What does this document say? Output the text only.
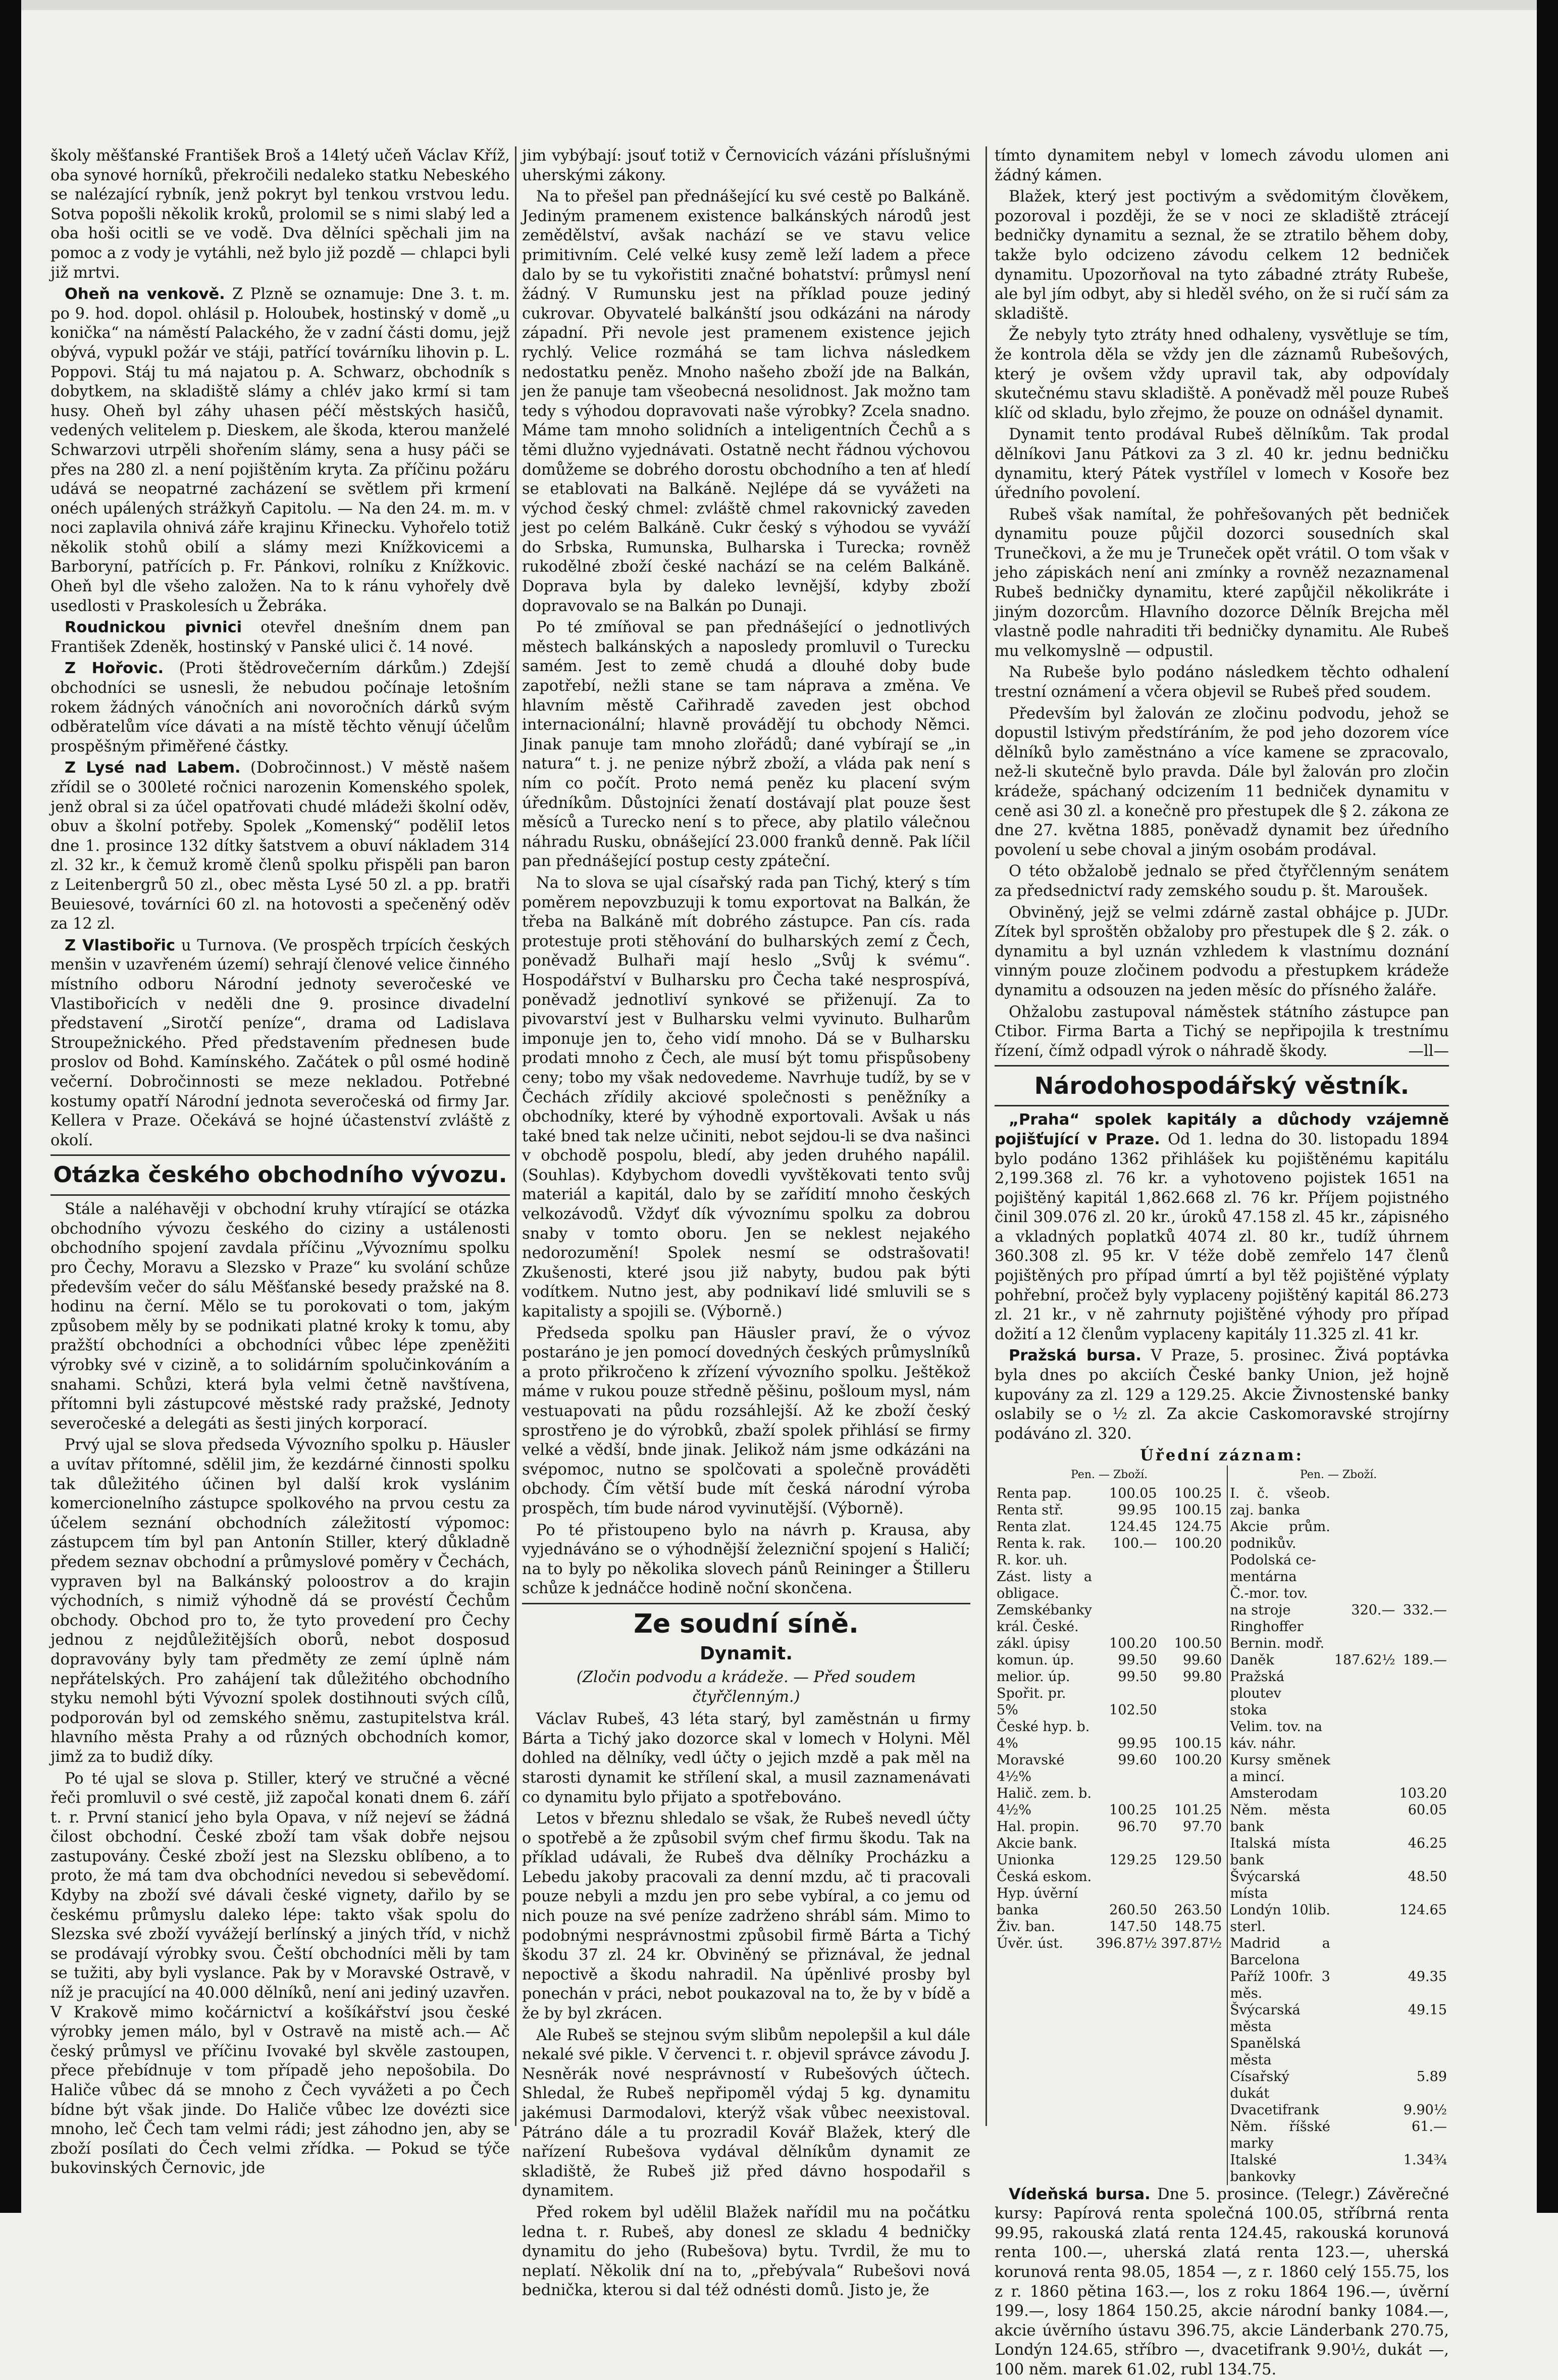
školy měšťanské František Broš a 14letý učeň Václav Kříž, oba synové horníků, překročili nedaleko statku Nebeského se nalézající rybník, jenž pokryt byl tenkou vrstvou ledu. Sotva popošli několik kroků, prolomil se s nimi slabý led a oba hoši ocitli se ve vodě. Dva dělníci spěchali jim na pomoc a z vody je vytáhli, než bylo již pozdě — chlapci byli již mrtvi.

Oheň na venkově. Z Plzně se oznamuje: Dne 3. t. m. po 9. hod. dopol. ohlásil p. Holoubek, hostinský v domě „u konička“ na náměstí Palackého, že v zadní části domu, jejž obývá, vypukl požár ve stáji, patřící továrníku lihovin p. L. Poppovi. Stáj tu má najatou p. A. Schwarz, obchodník s dobytkem, na skladiště slámy a chlév jako krmí si tam husy. Oheň byl záhy uhasen péčí městských hasičů, vedených velitelem p. Dieskem, ale škoda, kterou manželé Schwarzovi utrpěli shořením slámy, sena a husy páči se přes na 280 zl. a není pojištěním kryta. Za příčinu požáru udává se neopatrné zacházení se světlem při krmení onéch upálených strážkyň Capitolu. — Na den 24. m. m. v noci zaplavila ohnivá záře krajinu Křinecku. Vyhořelo totiž několik stohů obilí a slámy mezi Knížkovicemi a Barboryní, patřících p. Fr. Pánkovi, rolníku z Knížkovic. Oheň byl dle všeho založen. Na to k ránu vyhořely dvě usedlosti v Praskolesích u Žebráka.

Roudnickou pivnici otevřel dnešním dnem pan František Zdeněk, hostinský v Panské ulici č. 14 nové.

Z Hořovic. (Proti štědrovečerním dárkům.) Zdejší obchodníci se usnesli, že nebudou počínaje letošním rokem žádných vánočních ani novoročních dárků svým odběratelům více dávati a na místě těchto věnují účelům prospěšným přiměřené částky.

Z Lysé nad Labem. (Dobročinnost.) V městě našem zřídil se o 300leté ročnici narozenin Komenského spolek, jenž obral si za účel opatřovati chudé mládeži školní oděv, obuv a školní potřeby. Spolek „Komenský“ poděliI letos dne 1. prosince 132 dítky šatstvem a obuví nákladem 314 zl. 32 kr., k čemuž kromě členů spolku přispěli pan baron z Leitenbergrů 50 zl., obec města Lysé 50 zl. a pp. bratři Beuiesové, továrníci 60 zl. na hotovosti a spečeněný oděv za 12 zl.

Z Vlastibořic u Turnova. (Ve prospěch trpících českých menšin v uzavřeném území) sehrají členové velice činného místního odboru Národní jednoty severočeské ve Vlastibořicích v neděli dne 9. prosince divadelní představení „Sirotčí peníze“, drama od Ladislava Stroupežnického. Před představením přednesen bude proslov od Bohd. Kamínského. Začátek o půl osmé hodině večerní. Dobročinnosti se meze nekladou. Potřebné kostumy opatří Národní jednota severočeská od firmy Jar. Kellera v Praze. Očekává se hojné účastenství zvláště z okolí.

Otázka českého obchodního vývozu.

Stále a naléhavěji v obchodní kruhy vtírající se otázka obchodního vývozu českého do ciziny a ustálenosti obchodního spojení zavdala příčinu „Vývoznímu spolku pro Čechy, Moravu a Slezsko v Praze“ ku svolání schůze především večer do sálu Měšťanské besedy pražské na 8. hodinu na černí. Mělo se tu porokovati o tom, jakým způsobem měly by se podnikati platné kroky k tomu, aby pražští obchodníci a obchodníci vůbec lépe zpeněžiti výrobky své v cizině, a to solidárním spolučinkováním a snahami. Schůzi, která byla velmi četně navštívena, přítomni byli zástupcové městské rady pražské, Jednoty severočeské a delegáti as šesti jiných korporací.

Prvý ujal se slova předseda Vývozního spolku p. Häusler a uvítav přítomné, sdělil jim, že kezdárné činnosti spolku tak důležitého účinen byl další krok vyslánim komercionelního zástupce spolkového na prvou cestu za účelem seznání obchodních záležitostí výpomoc: zástupcem tím byl pan Antonín Stiller, který důkladně předem seznav obchodní a průmyslové poměry v Čechách, vypraven byl na Balkánský poloostrov a do krajin východních, s nimiž výhodně dá se provéstí Čechům obchody. Obchod pro to, že tyto provedení pro Čechy jednou z nejdůležitějších oborů, nebot dosposud dopravovány byly tam předměty ze zemí úplně nám nepřátelských. Pro zahájení tak důležitého obchodního styku nemohl býti Vývozní spolek dostihnouti svých cílů, podporován byl od zemského sněmu, zastupitelstva král. hlavního města Prahy a od různých obchodních komor, jimž za to budiž díky.

Po té ujal se slova p. Stiller, který ve stručné a věcné řeči promluvil o své cestě, již započal konati dnem 6. září t. r. První stanicí jeho byla Opava, v níž nejeví se žádná čilost obchodní. České zboží tam však dobře nejsou zastupovány. České zboží jest na Slezsku oblíbeno, a to proto, že má tam dva obchodníci nevedou si sebevědomí. Kdyby na zboží své dávali české vignety, dařilo by se českému průmyslu daleko lépe: takto však spolu do Slezska své zboží vyvážejí berlínský a jiných tříd, v nichž se prodávají výrobky svou. Čeští obchodníci měli by tam se tužiti, aby byli vyslance. Pak by v Moravské Ostravě, v níž je pracující na 40.000 dělníků, není ani jediný uzavřen. V Krakově mimo kočárnictví a košíkářství jsou české výrobky jemen málo, byl v Ostravě na mistě ach.— Ač český průmysl ve příčinu Ivovaké byl skvěle zastoupen, přece přebídnuje v tom případě jeho nepošobila. Do Haliče vůbec dá se mnoho z Čech vyvážeti a po Čech bídne být však jinde. Do Haliče vůbec lze dovézti sice mnoho, leč Čech tam velmi rádi; jest záhodno jen, aby se zboží posílati do Čech velmi zřídka. — Pokud se týče bukovinských Černovic, jde

jim vybýbají: jsouť totiž v Černovicích vázáni příslušnými uherskými zákony.

Na to přešel pan přednášející ku své cestě po Balkáně. Jediným pramenem existence balkánských národů jest zemědělství, avšak nachází se ve stavu velice primitivním. Celé velké kusy země leží ladem a přece dalo by se tu vykořistiti značné bohatství: průmysl není žádný. V Rumunsku jest na příklad pouze jediný cukrovar. Obyvatelé balkánští jsou odkázáni na národy západní. Při nevole jest pramenem existence jejich rychlý. Velice rozmáhá se tam lichva následkem nedostatku peněz. Mnoho našeho zboží jde na Balkán, jen že panuje tam všeobecná nesolidnost. Jak možno tam tedy s výhodou dopravovati naše výrobky? Zcela snadno. Máme tam mnoho solidních a inteligentních Čechů a s těmi dlužno vyjednávati. Ostatně necht řádnou výchovou domůžeme se dobrého dorostu obchodního a ten ať hledí se etablovati na Balkáně. Nejlépe dá se vyvážeti na východ český chmel: zvláště chmel rakovnický zaveden jest po celém Balkáně. Cukr český s výhodou se vyváží do Srbska, Rumunska, Bulharska i Turecka; rovněž rukodělné zboží české nachází se na celém Balkáně. Doprava byla by daleko levnější, kdyby zboží dopravovalo se na Balkán po Dunaji.

Po té zmíňoval se pan přednášející o jednotlivých městech balkánských a naposledy promluvil o Turecku samém. Jest to země chudá a dlouhé doby bude zapotřebí, nežli stane se tam náprava a změna. Ve hlavním městě Cařihradě zaveden jest obchod internacionální; hlavně provádějí tu obchody Němci. Jinak panuje tam mnoho zlořádů; dané vybírají se „in natura“ t. j. ne penize nýbrž zboží, a vláda pak není s ním co počít. Proto nemá peněz ku placení svým úředníkům. Důstojníci ženatí dostávají plat pouze šest měsíců a Turecko není s to přece, aby platilo válečnou náhradu Rusku, obnášející 23.000 franků denně. Pak líčil pan přednášející postup cesty zpáteční.

Na to slova se ujal císařský rada pan Tichý, který s tím poměrem nepovzbuzuji k tomu exportovat na Balkán, že třeba na Balkáně mít dobrého zástupce. Pan cís. rada protestuje proti stěhování do bulharských zemí z Čech, poněvadž Bulhaři mají heslo „Svůj k svému“. Hospodářství v Bulharsku pro Čecha také nesprospívá, poněvadž jednotliví synkové se přiženují. Za to pivovarství jest v Bulharsku velmi vyvinuto. Bulharům imponuje jen to, čeho vidí mnoho. Dá se v Bulharsku prodati mnoho z Čech, ale musí být tomu přispůsobeny ceny; tobo my však nedovedeme. Navrhuje tudíž, by se v Čechách zřídily akciové společnosti s peněžníky a obchodníky, které by výhodně exportovali. Avšak u nás také bned tak nelze učiniti, nebot sejdou-li se dva našinci v obchodě pospolu, bledí, aby jeden druhého napálil. (Souhlas). Kdybychom dovedli vyvštěkovati tento svůj materiál a kapitál, dalo by se zařídití mnoho českých velkozávodů. Vždyť dík vývoznímu spolku za dobrou snaby v tomto oboru. Jen se neklest nejakého nedorozumění! Spolek nesmí se odstrašovati! Zkušenosti, které jsou již nabyty, budou pak býti vodítkem. Nutno jest, aby podnikaví lidé smluvili se s kapitalisty a spojili se. (Výborně.)

Předseda spolku pan Häusler praví, že o vývoz postaráno je jen pomocí dovedných českých průmyslníků a proto přikročeno k zřízení vývozního spolku. Ještěkož máme v rukou pouze středně pěšinu, pošloum mysl, nám vestuapovati na půdu rozsáhlejší. Až ke zboží český sprostřeno je do výrobků, zbaží spolek přihlásí se firmy velké a vědší, bnde jinak. Jelikož nám jsme odkázáni na svépomoc, nutno se spolčovati a společně prováděti obchody. Čím větší bude mít česká národní výroba prospěch, tím bude národ vyvinutější. (Výborně).

Po té přistoupeno bylo na návrh p. Krausa, aby vyjednáváno se o výhodnější železniční spojení s Haličí; na to byly po několika slovech pánů Reininger a Štilleru schůze k jednáčce hodině noční skončena.

Ze soudní síně.
Dynamit.

(Zločin podvodu a krádeže. — Před soudem čtyřčlenným.)

Václav Rubeš, 43 léta starý, byl zaměstnán u firmy Bárta a Tichý jako dozorce skal v lomech v Holyni. Měl dohled na dělníky, vedl účty o jejich mzdě a pak měl na starosti dynamit ke střílení skal, a musil zaznamenávati co dynamitu bylo přijato a spotřebováno.

Letos v březnu shledalo se však, že Rubeš nevedl účty o spotřebě a že způsobil svým chef firmu škodu. Tak na příklad udávali, že Rubeš dva dělníky Procházku a Lebedu jakoby pracovali za denní mzdu, ač ti pracovali pouze nebyli a mzdu jen pro sebe vybíral, a co jemu od nich pouze na své peníze zadrženo shrábl sám. Mimo to podobnými nesprávnostmi způsobil firmě Bárta a Tichý škodu 37 zl. 24 kr. Obviněný se přiznával, že jednal nepoctivě a škodu nahradil. Na úpěnlivé prosby byl ponechán v práci, nebot poukazoval na to, že by v bídě a že by byl zkrácen.

Ale Rubeš se stejnou svým slibům nepolepšil a kul dále nekalé své pikle. V červenci t. r. objevil správce závodu J. Nesněrák nové nesprávností v Rubešových účtech. Shledal, že Rubeš nepřipoměl výdaj 5 kg. dynamitu jakémusi Darmodalovi, kterýž však vůbec neexistoval. Pátráno dále a tu prozradil Kovář Blažek, který dle nařízení Rubešova vydával dělníkům dynamit ze skladiště, že Rubeš již před dávno hospodařil s dynamitem.

Před rokem byl udělil Blažek nařídil mu na počátku ledna t. r. Rubeš, aby donesl ze skladu 4 bedničky dynamitu do jeho (Rubešova) bytu. Tvrdil, že mu to neplatí. Několik dní na to, „přebývala“ Rubešovi nová bednička, kterou si dal též odnésti domů. Jisto je, že

tímto dynamitem nebyl v lomech závodu ulomen ani žádný kámen.

Blažek, který jest poctivým a svědomitým člověkem, pozoroval i později, že se v noci ze skladiště ztrácejí bedničky dynamitu a seznal, že se ztratilo během doby, takže bylo odcizeno závodu celkem 12 bedniček dynamitu. Upozorňoval na tyto zábadné ztráty Rubeše, ale byl jím odbyt, aby si hleděl svého, on že si ručí sám za skladiště.

Že nebyly tyto ztráty hned odhaleny, vysvětluje se tím, že kontrola děla se vždy jen dle záznamů Rubešových, který je ovšem vždy upravil tak, aby odpovídaly skutečnému stavu skladiště. A poněvadž měl pouze Rubeš klíč od skladu, bylo zřejmo, že pouze on odnášel dynamit.

Dynamit tento prodával Rubeš dělníkům. Tak prodal dělníkovi Janu Pátkovi za 3 zl. 40 kr. jednu bedničku dynamitu, který Pátek vystřílel v lomech v Kosoře bez úředního povolení.

Rubeš však namítal, že pohřešovaných pět bedniček dynamitu pouze půjčil dozorci sousedních skal Trunečkovi, a že mu je Truneček opět vrátil. O tom však v jeho zápiskách není ani zmínky a rovněž nezaznamenal Rubeš bedničky dynamitu, které zapůjčil několikráte i jiným dozorcům. Hlavního dozorce Dělník Brejcha měl vlastně podle nahraditi tři bedničky dynamitu. Ale Rubeš mu velkomyslně — odpustil.

Na Rubeše bylo podáno následkem těchto odhalení trestní oznámení a včera objevil se Rubeš před soudem.

Především byl žalován ze zločinu podvodu, jehož se dopustil lstivým předstíráním, že pod jeho dozorem více dělníků bylo zaměstnáno a více kamene se zpracovalo, než-li skutečně bylo pravda. Dále byl žalován pro zločin krádeže, spáchaný odcizením 11 bedniček dynamitu v ceně asi 30 zl. a konečně pro přestupek dle § 2. zákona ze dne 27. května 1885, poněvadž dynamit bez úředního povolení u sebe choval a jiným osobám prodával.

O této obžalobě jednalo se před čtyřčlenným senátem za předsednictví rady zemského soudu p. št. Maroušek.

Obviněný, jejž se velmi zdárně zastal obhájce p. JUDr. Zítek byl sproštěn obžaloby pro přestupek dle § 2. zák. o dynamitu a byl uznán vzhledem k vlastnímu doznání vinným pouze zločinem podvodu a přestupkem krádeže dynamitu a odsouzen na jeden měsíc do přísného žaláře.

Ohžalobu zastupoval náměstek státního zástupce pan Ctibor. Firma Barta a Tichý se nepřipojila k trestnímu řízení, čímž odpadl výrok o náhradě škody.	—ll—

Národohospodářský věstník.

„Praha“ spolek kapitály a důchody vzájemně pojišťující v Praze. Od 1. ledna do 30. listopadu 1894 bylo podáno 1362 přihlášek ku pojištěnému kapitálu 2,199.368 zl. 76 kr. a vyhotoveno pojistek 1651 na pojištěný kapitál 1,862.668 zl. 76 kr. Příjem pojistného činil 309.076 zl. 20 kr., úroků 47.158 zl. 45 kr., zápisného a vkladných poplatků 4074 zl. 80 kr., tudíž úhrnem 360.308 zl. 95 kr. V téže době zemřelo 147 členů pojištěných pro případ úmrtí a byl těž pojištěné výplaty pohřební, pročež byly vyplaceny pojištěný kapitál 86.273 zl. 21 kr., v ně zahrnuty pojištěné výhody pro případ dožití a 12 členům vyplaceny kapitály 11.325 zl. 41 kr.

Pražská bursa. V Praze, 5. prosinec. Živá poptávka byla dnes po akciích České banky Union, jež hojně kupovány za zl. 129 a 129.25. Akcie Živnostenské banky oslabily se o ½ zl. Za akcie Caskomoravské strojírny podáváno zl. 320.

Úřední záznam:
Pen. — Zboží.
Renta pap.	100.05	100.25
Renta stř.	99.95	100.15
Renta zlat.	124.45	124.75
Renta k. rak.	100.—	100.20
R. kor. uh.		
Zást. listy a obligace.		
Zemskébanky		
král. České.		
zákl. úpisy	100.20	100.50
komun. úp.	99.50	99.60
melior. úp.	99.50	99.80
Spořit. pr.		
5%	102.50	
České hyp. b.		
4%	99.95	100.15
Moravské 4½%	99.60	100.20
Halič. zem. b.		
4½%	100.25	101.25
Hal. propin.	96.70	97.70
Akcie bank.		
Unionka	129.25	129.50
Česká eskom.		
Hyp. úvěrní		
banka	260.50	263.50
Živ. ban.	147.50	148.75
Úvěr. úst.	396.87½	397.87½
Pen. — Zboží.
I. č. všeob. zaj. banka		
Akcie prům. podnikův.		
Podolská ce-		
mentárna		
Č.-mor. tov.		
na stroje	320.—	332.—
Ringhoffer		
Bernin. modř.		
Daněk	187.62½	189.—
Pražská ploutev		
stoka		
Velim. tov. na		
káv. náhr.		
Kursy směnek a mincí.		
Amsterodam		103.20
Něm. města bank		60.05
Italská místa bank		46.25
Švýcarská místa		48.50
Londýn 10lib. sterl.		124.65
Madrid a Barcelona		
Paříž 100fr. 3 měs.		49.35
Švýcarská města		49.15
Spanělská města		
Císařský dukát		5.89
Dvacetifrank		9.90½
Něm. říšské marky		61.—
Italské bankovky		1.34¾

Vídeňská bursa. Dne 5. prosince. (Telegr.) Závěrečné kursy: Papírová renta společná 100.05, stříbrná renta 99.95, rakouská zlatá renta 124.45, rakouská korunová renta 100.—, uherská zlatá renta 123.—, uherská korunová renta 98.05, 1854 —, z r. 1860 celý 155.75, los z r. 1860 pětina 163.—, los z roku 1864 196.—, úvěrní 199.—, losy 1864 150.25, akcie národní banky 1084.—, akcie úvěrního ústavu 396.75, akcie Länderbank 270.75, Londýn 124.65, stříbro —, dvacetifrank 9.90½, dukát —, 100 něm. marek 61.02, rubl 134.75.
